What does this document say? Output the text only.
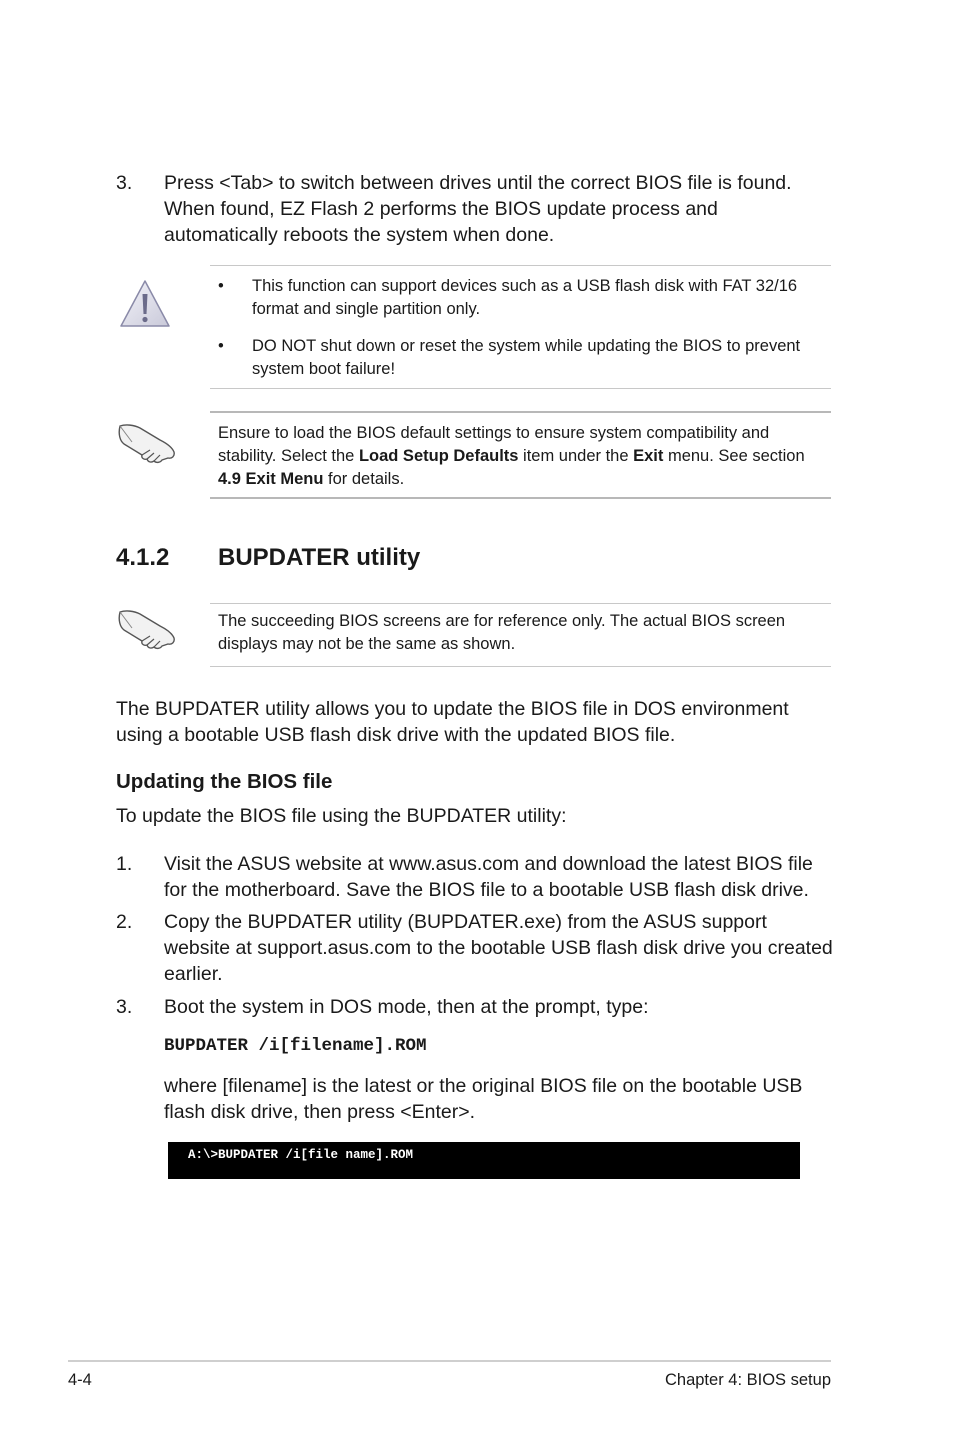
3.	Press <Tab> to switch between drives until the correct BIOS file is found. When found, EZ Flash 2 performs the BIOS update process and automatically reboots the system when done.
• This function can support devices such as a USB flash disk with FAT 32/16 format and single partition only.
• DO NOT shut down or reset the system while updating the BIOS to prevent system boot failure!
Ensure to load the BIOS default settings to ensure system compatibility and stability. Select the Load Setup Defaults item under the Exit menu. See section 4.9 Exit Menu for details.
4.1.2 BUPDATER utility
The succeeding BIOS screens are for reference only. The actual BIOS screen displays may not be the same as shown.
The BUPDATER utility allows you to update the BIOS file in DOS environment using a bootable USB flash disk drive with the updated BIOS file.
Updating the BIOS file
To update the BIOS file using the BUPDATER utility:
1.	Visit the ASUS website at www.asus.com and download the latest BIOS file for the motherboard. Save the BIOS file to a bootable USB flash disk drive.
2.	Copy the BUPDATER utility (BUPDATER.exe) from the ASUS support website at support.asus.com to the bootable USB flash disk drive you created earlier.
3.	Boot the system in DOS mode, then at the prompt, type:
BUPDATER /i[filename].ROM
where [filename] is the latest or the original BIOS file on the bootable USB flash disk drive, then press <Enter>.
A:\>BUPDATER /i[file name].ROM
4-4	Chapter 4: BIOS setup
